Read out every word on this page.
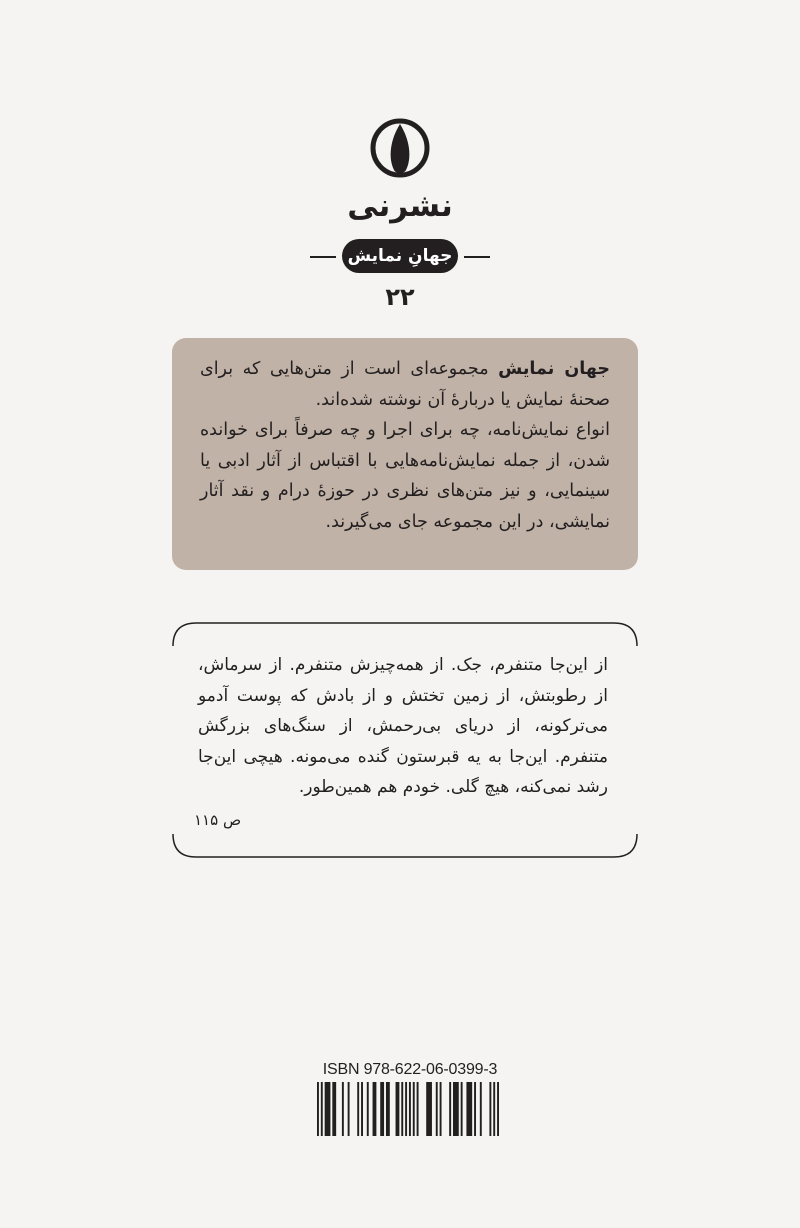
نشرنی
جهانِ نمایش
۲۲

جهان نمایش مجموعه‌ای است از متن‌هایی که برای صحنهٔ نمایش یا دربارهٔ آن نوشته شده‌اند.

انواع نمایش‌نامه، چه برای اجرا و چه صرفاً برای خوانده شدن، از جمله نمایش‌نامه‌هایی با اقتباس از آثار ادبی یا سینمایی، و نیز متن‌های نظری در حوزهٔ درام و نقد آثار نمایشی، در این مجموعه جای می‌گیرند.

از این‌جا متنفرم، جک. از همه‌چیزش متنفرم. از سرماش، از رطوبتش، از زمین تختش و از بادش که پوست آدمو می‌ترکونه، از دریای بی‌رحمش، از سنگ‌های بزرگش متنفرم. این‌جا به یه قبرستون گنده می‌مونه. هیچی این‌جا رشد نمی‌کنه، هیچ گلی. خودم هم همین‌طور.
ص ۱۱۵
ISBN 978-622-06-0399-3
